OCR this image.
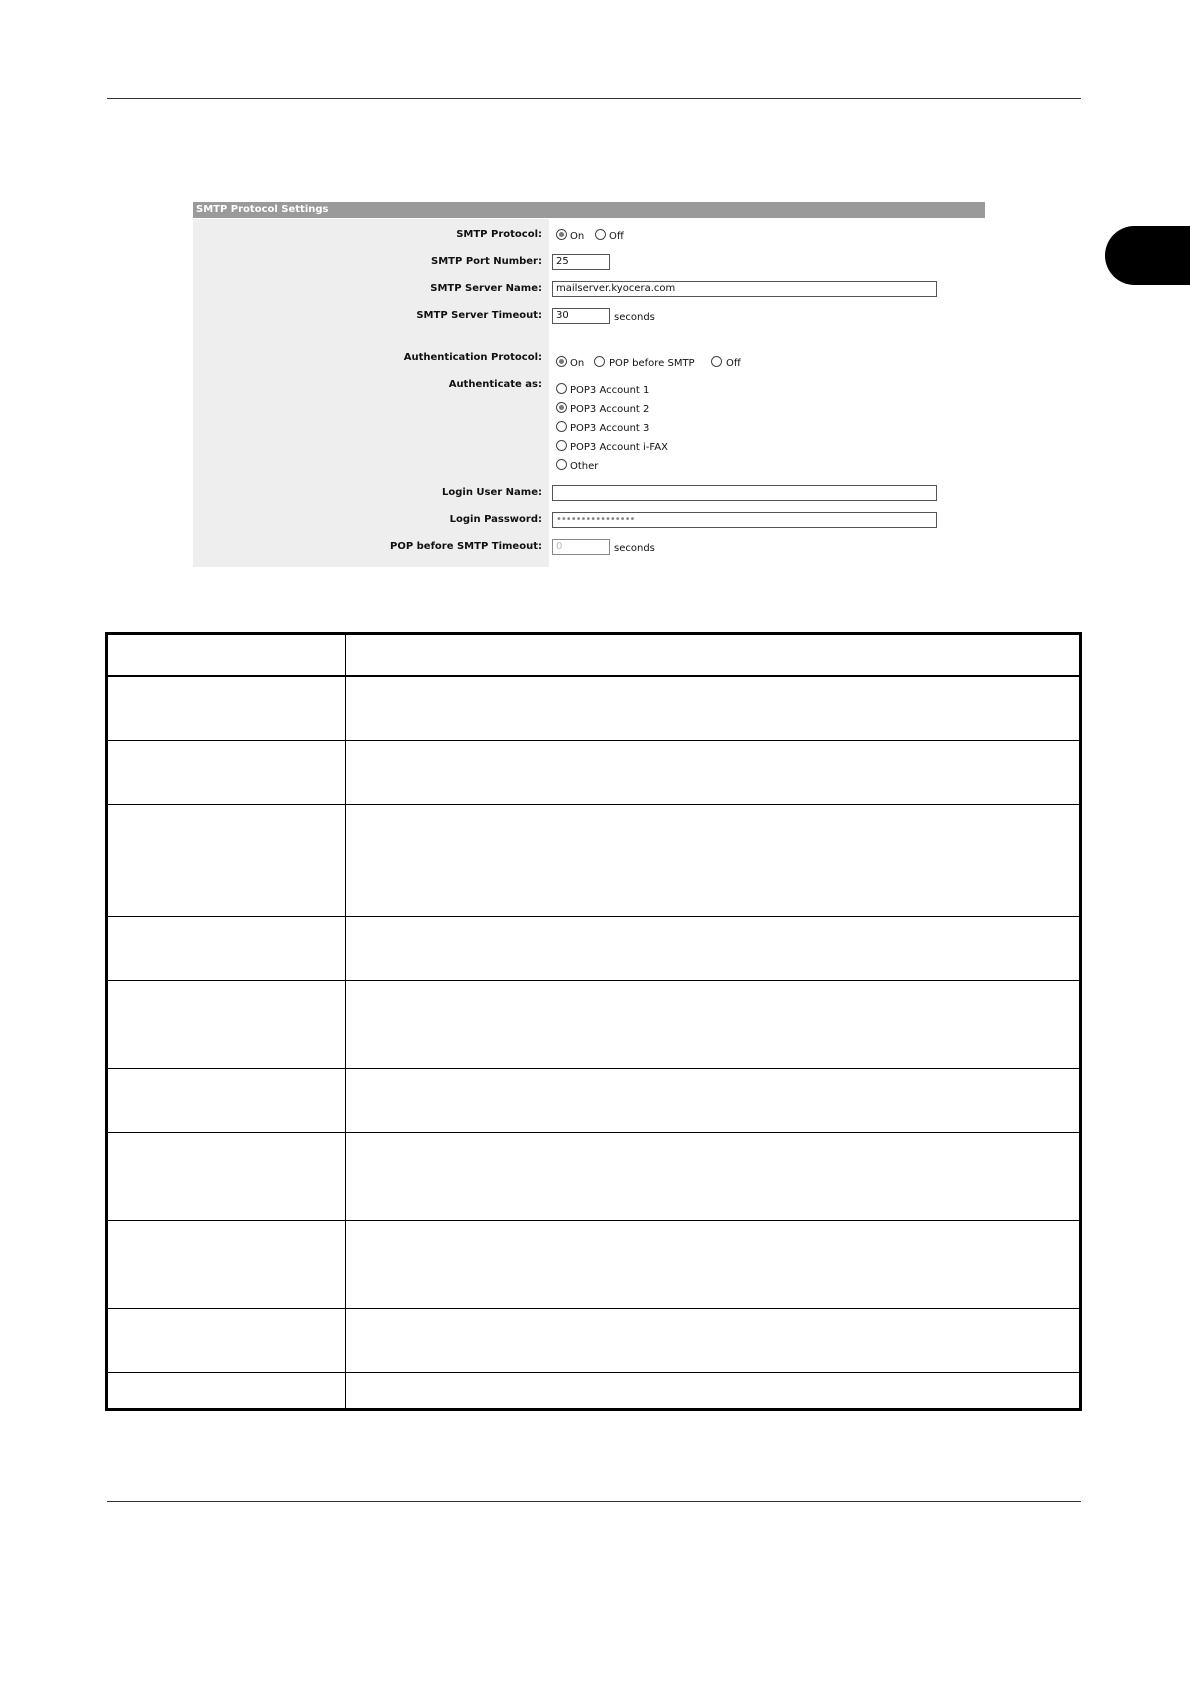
SMTP Protocol Settings
SMTP Protocol:	On Off
SMTP Port Number:	25
SMTP Server Name:	mailserver.kyocera.com
SMTP Server Timeout:	30	seconds
Authentication Protocol:
On POP before SMTP	Off
Authenticate as:
POP3 Account 1
POP3 Account 2
POP3 Account 3
POP3 Account i-FAX
Other
Login User Name:
Login Password:	••••••••••••••••
POP before SMTP Timeout:	0	seconds
